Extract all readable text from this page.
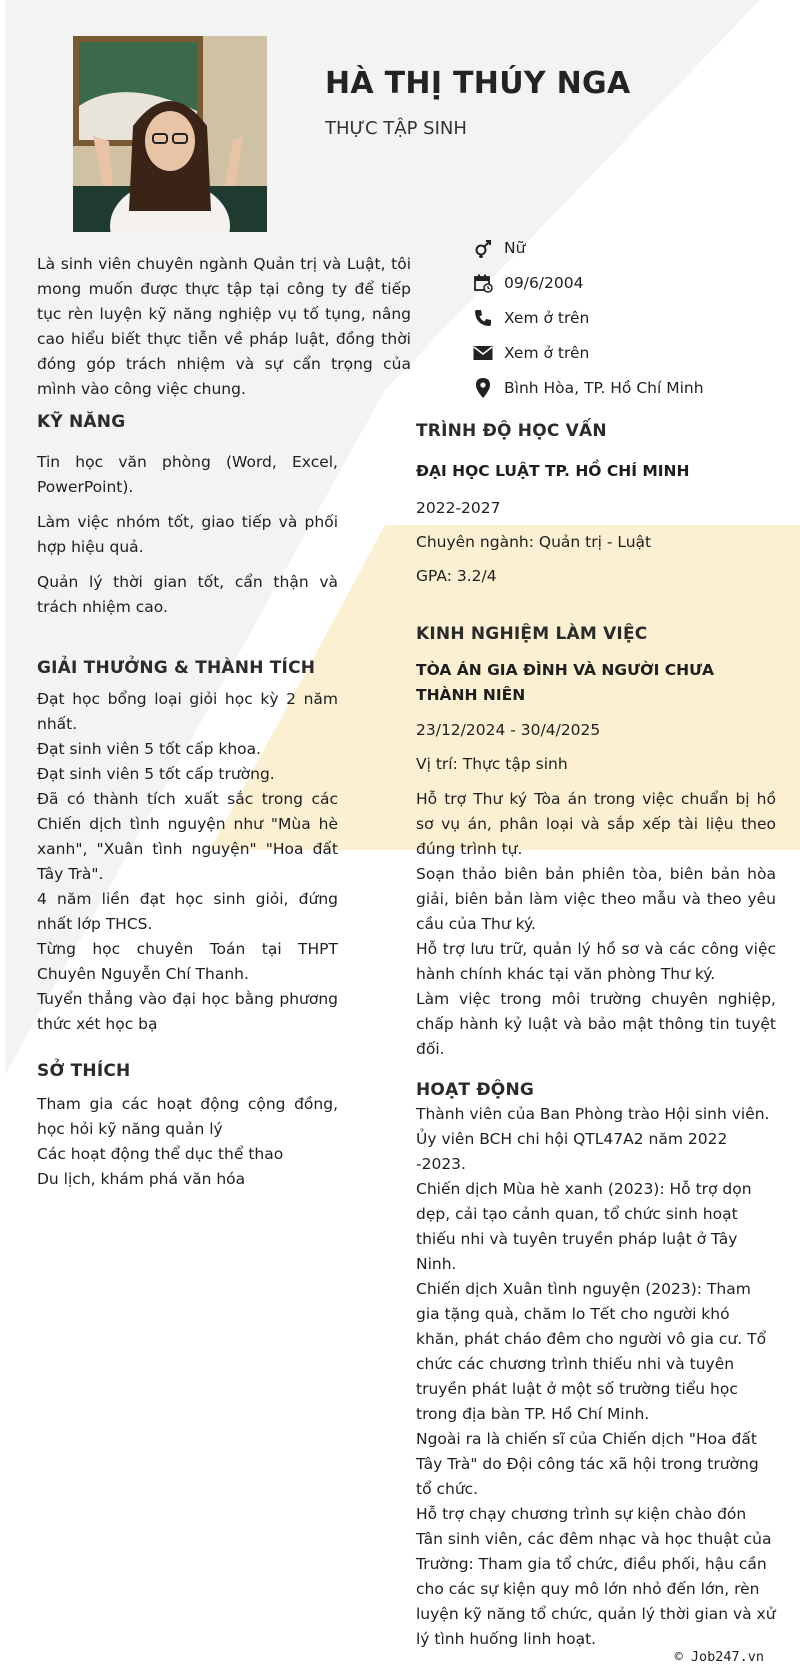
HÀ THỊ THÚY NGA

THỰC TẬP SINH

Là sinh viên chuyên ngành Quản trị và Luật, tôi mong muốn được thực tập tại công ty để tiếp tục rèn luyện kỹ năng nghiệp vụ tố tụng, nâng cao hiểu biết thực tiễn về pháp luật, đồng thời đóng góp trách nhiệm và sự cẩn trọng của mình vào công việc chung.

Nữ
09/6/2004
Xem ở trên
Xem ở trên
Bình Hòa, TP. Hồ Chí Minh
KỸ NĂNG

Tin học văn phòng (Word, Excel, PowerPoint).

Làm việc nhóm tốt, giao tiếp và phối hợp hiệu quả.

Quản lý thời gian tốt, cẩn thận và trách nhiệm cao.

GIẢI THƯỞNG & THÀNH TÍCH

Đạt học bổng loại giỏi học kỳ 2 năm nhất.

Đạt sinh viên 5 tốt cấp khoa.

Đạt sinh viên 5 tốt cấp trường.

Đã có thành tích xuất sắc trong các Chiến dịch tình nguyện như "Mùa hè xanh", "Xuân tình nguyện" "Hoa đất Tây Trà".

4 năm liền đạt học sinh giỏi, đứng nhất lớp THCS.

Từng học chuyên Toán tại THPT Chuyên Nguyễn Chí Thanh.

Tuyển thẳng vào đại học bằng phương thức xét học bạ

SỞ THÍCH

Tham gia các hoạt động cộng đồng, học hỏi kỹ năng quản lý

Các hoạt động thể dục thể thao

Du lịch, khám phá văn hóa

TRÌNH ĐỘ HỌC VẤN

ĐẠI HỌC LUẬT TP. HỒ CHÍ MINH

2022-2027

Chuyên ngành: Quản trị - Luật

GPA: 3.2/4

KINH NGHIỆM LÀM VIỆC

TÒA ÁN GIA ĐÌNH VÀ NGƯỜI CHƯA THÀNH NIÊN

23/12/2024 - 30/4/2025

Vị trí: Thực tập sinh

Hỗ trợ Thư ký Tòa án trong việc chuẩn bị hồ sơ vụ án, phân loại và sắp xếp tài liệu theo đúng trình tự.

Soạn thảo biên bản phiên tòa, biên bản hòa giải, biên bản làm việc theo mẫu và theo yêu cầu của Thư ký.

Hỗ trợ lưu trữ, quản lý hồ sơ và các công việc hành chính khác tại văn phòng Thư ký.

Làm việc trong môi trường chuyên nghiệp, chấp hành kỷ luật và bảo mật thông tin tuyệt đối.

HOẠT ĐỘNG

Thành viên của Ban Phòng trào Hội sinh viên.

Ủy viên BCH chi hội QTL47A2 năm 2022 -2023.

Chiến dịch Mùa hè xanh (2023): Hỗ trợ dọn dẹp, cải tạo cảnh quan, tổ chức sinh hoạt thiếu nhi và tuyên truyền pháp luật ở Tây Ninh.

Chiến dịch Xuân tình nguyện (2023): Tham gia tặng quà, chăm lo Tết cho người khó khăn, phát cháo đêm cho người vô gia cư. Tổ chức các chương trình thiếu nhi và tuyên truyền phát luật ở một số trường tiểu học trong địa bàn TP. Hồ Chí Minh.

Ngoài ra là chiến sĩ của Chiến dịch "Hoa đất Tây Trà" do Đội công tác xã hội trong trường tổ chức.

Hỗ trợ chạy chương trình sự kiện chào đón Tân sinh viên, các đêm nhạc và học thuật của Trường: Tham gia tổ chức, điều phối, hậu cần cho các sự kiện quy mô lớn nhỏ đến lớn, rèn luyện kỹ năng tổ chức, quản lý thời gian và xử lý tình huống linh hoạt.

© Job247.vn
